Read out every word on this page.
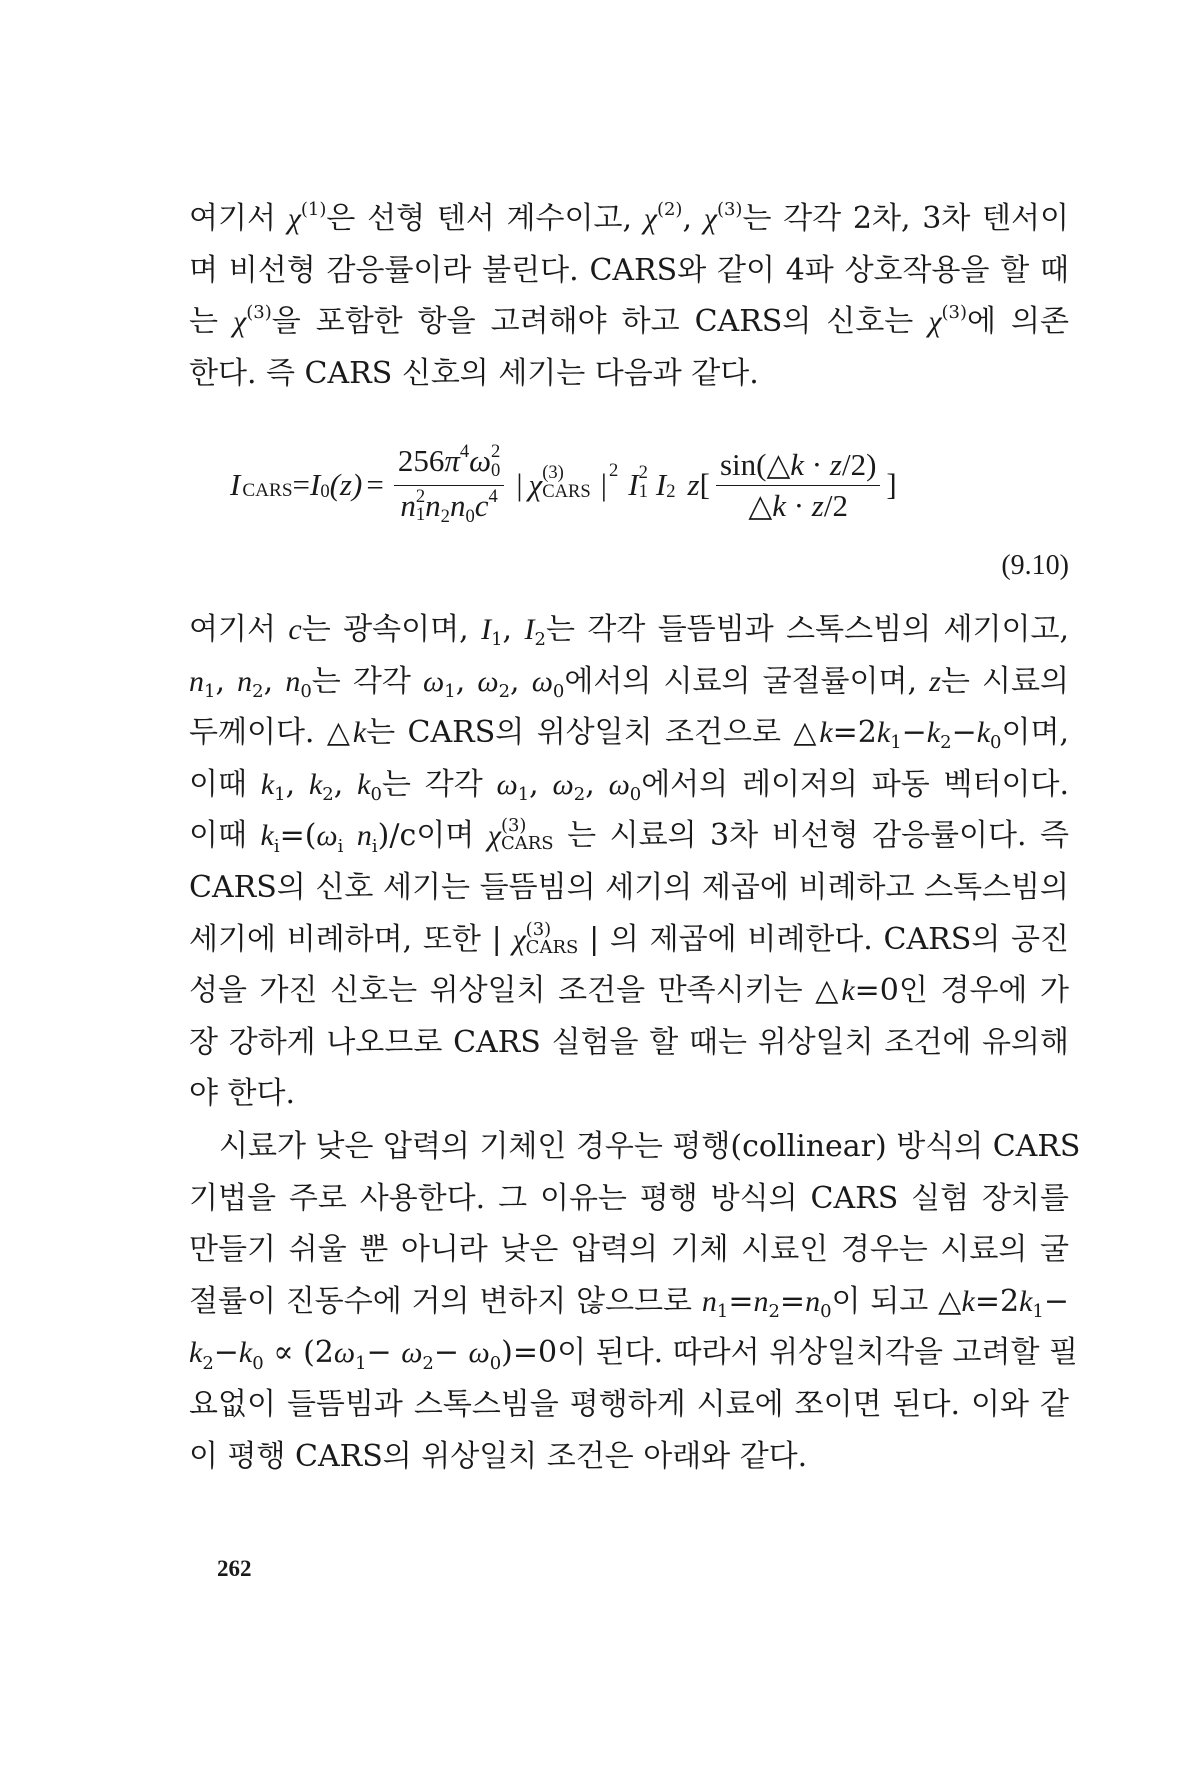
여기서 $\chi^{(1)}$은 선형 텐서 계수이고, $\chi^{(2)}$, $\chi^{(3)}$는 각각 2차, 3차 텐서이
며 비선형 감응률이라 불린다. CARS와 같이 4파 상호작용을 할 때
는 $\chi^{(3)}$을 포함한 항을 고려해야 하고 CARS의 신호는 $\chi^{(3)}$에 의존
한다. 즉 CARS 신호의 세기는 다음과 같다.
I CARS = $I_0$ $(z) = 256\pi^4\omega$ 2
0
n 2
1 $n_2n_0c^4$ | χ (3)
CARS $|^2$ I 2
1 $I_2$ z [ $\frac{\sin(\triangle k \cdot z/2)}{\triangle k \cdot z/2}$ ]
(9.10)
여기서 c는 광속이며, $I_1$, $I_2$는 각각 들뜸빔과 스톡스빔의 세기이고,
$n_1$, $n_2$, $n_0$는 각각 $\omega_1$, $\omega_2$, $\omega_0$에서의 시료의 굴절률이며, z는 시료의
두께이다. △k는 CARS의 위상일치 조건으로 $\triangle k=2k_1-k_2-k_0$이며,
이때 $k_1$, $k_2$, $k_0$는 각각 $\omega_1$, $\omega_2$, $\omega_0$에서의 레이저의 파동 벡터이다.
이때 $k_i=(\omega_i$ $n_i)/c$이며 χ (3)
CARS 는 시료의 3차 비선형 감응률이다. 즉
CARS의 신호 세기는 들뜸빔의 세기의 제곱에 비례하고 스톡스빔의
세기에 비례하며, 또한 | χ (3)
CARS | 의 제곱에 비례한다. CARS의 공진
성을 가진 신호는 위상일치 조건을 만족시키는 △k=0인 경우에 가
장 강하게 나오므로 CARS 실험을 할 때는 위상일치 조건에 유의해
야 한다.
시료가 낮은 압력의 기체인 경우는 평행(collinear) 방식의 CARS
기법을 주로 사용한다. 그 이유는 평행 방식의 CARS 실험 장치를
만들기 쉬울 뿐 아니라 낮은 압력의 기체 시료인 경우는 시료의 굴
절률이 진동수에 거의 변하지 않으므로 $n_1=n_2=n_0$이 되고 $\triangle k=2k_1-$
$k_2-k_0 \propto (2\omega_1- \omega_2- \omega_0)=0$이 된다. 따라서 위상일치각을 고려할 필
요없이 들뜸빔과 스톡스빔을 평행하게 시료에 쪼이면 된다. 이와 같
이 평행 CARS의 위상일치 조건은 아래와 같다.
262
